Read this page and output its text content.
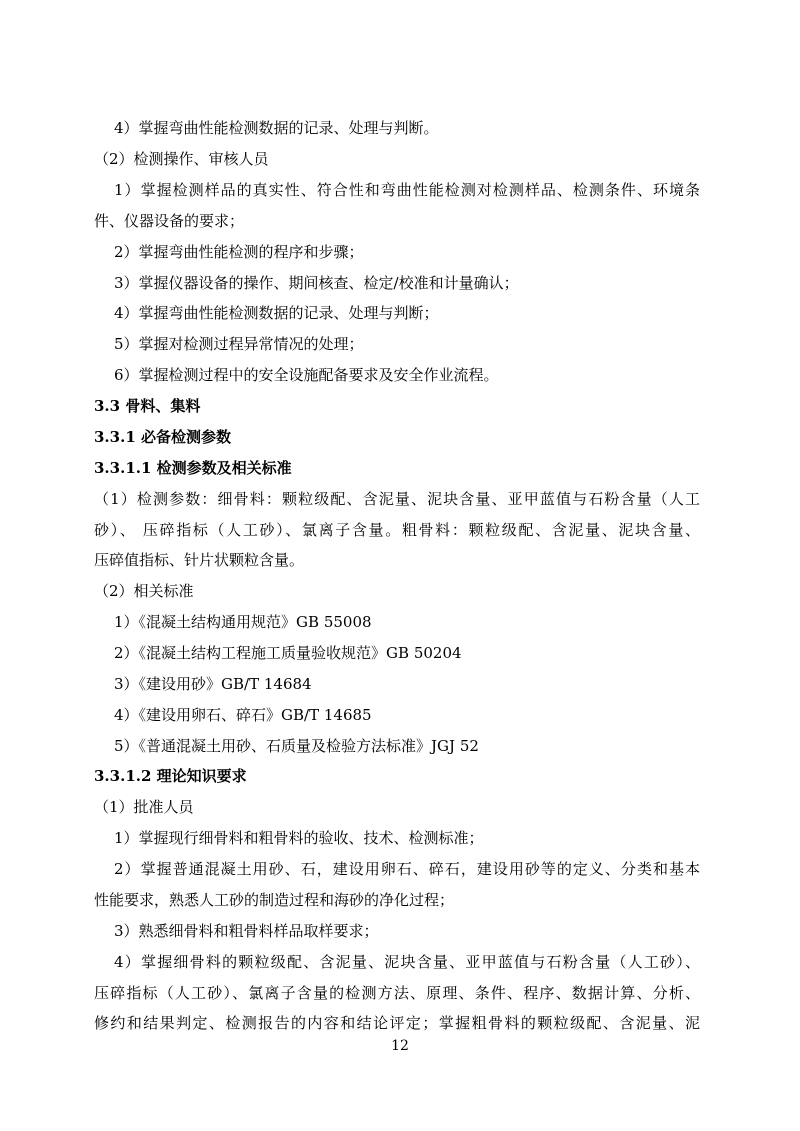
4）掌握弯曲性能检测数据的记录、处理与判断。
（2）检测操作、审核人员
1）掌握检测样品的真实性、符合性和弯曲性能检测对检测样品、检测条件、环境条
件、仪器设备的要求；
2）掌握弯曲性能检测的程序和步骤；
3）掌握仪器设备的操作、期间核查、检定/校准和计量确认；
4）掌握弯曲性能检测数据的记录、处理与判断；
5）掌握对检测过程异常情况的处理；
6）掌握检测过程中的安全设施配备要求及安全作业流程。
3.3 骨料、集料
3.3.1 必备检测参数
3.3.1.1 检测参数及相关标准
（1）检测参数：细骨料：颗粒级配、含泥量、泥块含量、亚甲蓝值与石粉含量（人工
砂）、 压碎指标（人工砂）、氯离子含量。粗骨料：颗粒级配、含泥量、泥块含量、
压碎值指标、针片状颗粒含量。
（2）相关标准
1）《混凝土结构通用规范》GB 55008
2）《混凝土结构工程施工质量验收规范》GB 50204
3）《建设用砂》GB/T 14684
4）《建设用卵石、碎石》GB/T 14685
5）《普通混凝土用砂、石质量及检验方法标准》JGJ 52
3.3.1.2 理论知识要求
（1）批准人员
1）掌握现行细骨料和粗骨料的验收、技术、检测标准；
2）掌握普通混凝土用砂、石，建设用卵石、碎石，建设用砂等的定义、分类和基本
性能要求，熟悉人工砂的制造过程和海砂的净化过程；
3）熟悉细骨料和粗骨料样品取样要求；
4）掌握细骨料的颗粒级配、含泥量、泥块含量、亚甲蓝值与石粉含量（人工砂）、
压碎指标（人工砂）、氯离子含量的检测方法、原理、条件、程序、数据计算、分析、
修约和结果判定、检测报告的内容和结论评定；掌握粗骨料的颗粒级配、含泥量、泥
12
